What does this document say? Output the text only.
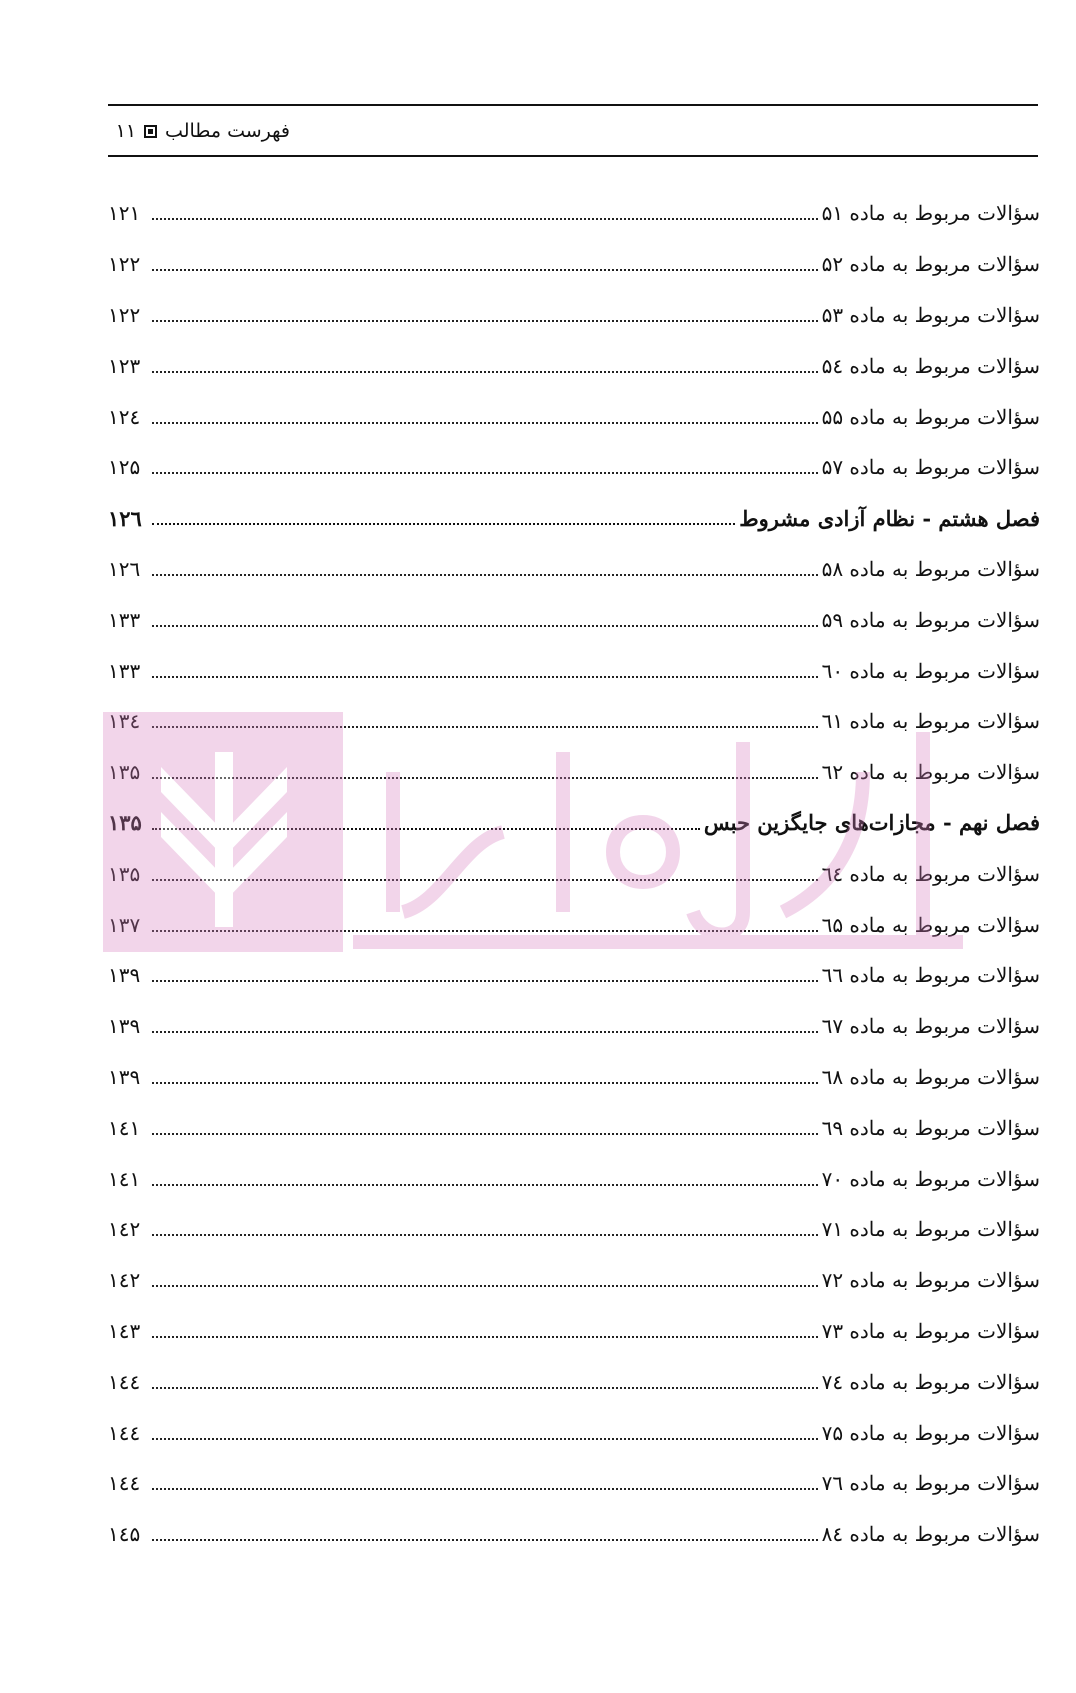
فهرست مطالب
۱۱
سؤالات مربوط به ماده ۵۱
۱۲۱
سؤالات مربوط به ماده ۵۲
۱۲۲
سؤالات مربوط به ماده ۵۳
۱۲۲
سؤالات مربوط به ماده ۵٤
۱۲۳
سؤالات مربوط به ماده ۵۵
۱۲٤
سؤالات مربوط به ماده ۵۷
۱۲۵
فصل هشتم - نظام آزادی مشروط
۱۲٦
سؤالات مربوط به ماده ۵۸
۱۲٦
سؤالات مربوط به ماده ۵۹
۱۳۳
سؤالات مربوط به ماده ٦۰
۱۳۳
سؤالات مربوط به ماده ٦۱
۱۳٤
سؤالات مربوط به ماده ٦۲
۱۳۵
فصل نهم - مجازات‌های جایگزین حبس
۱۳۵
سؤالات مربوط به ماده ٦٤
۱۳۵
سؤالات مربوط به ماده ٦۵
۱۳۷
سؤالات مربوط به ماده ٦٦
۱۳۹
سؤالات مربوط به ماده ٦۷
۱۳۹
سؤالات مربوط به ماده ٦۸
۱۳۹
سؤالات مربوط به ماده ٦۹
۱٤۱
سؤالات مربوط به ماده ۷۰
۱٤۱
سؤالات مربوط به ماده ۷۱
۱٤۲
سؤالات مربوط به ماده ۷۲
۱٤۲
سؤالات مربوط به ماده ۷۳
۱٤۳
سؤالات مربوط به ماده ۷٤
۱٤٤
سؤالات مربوط به ماده ۷۵
۱٤٤
سؤالات مربوط به ماده ۷٦
۱٤٤
سؤالات مربوط به ماده ۸٤
۱٤۵
دادبازار
